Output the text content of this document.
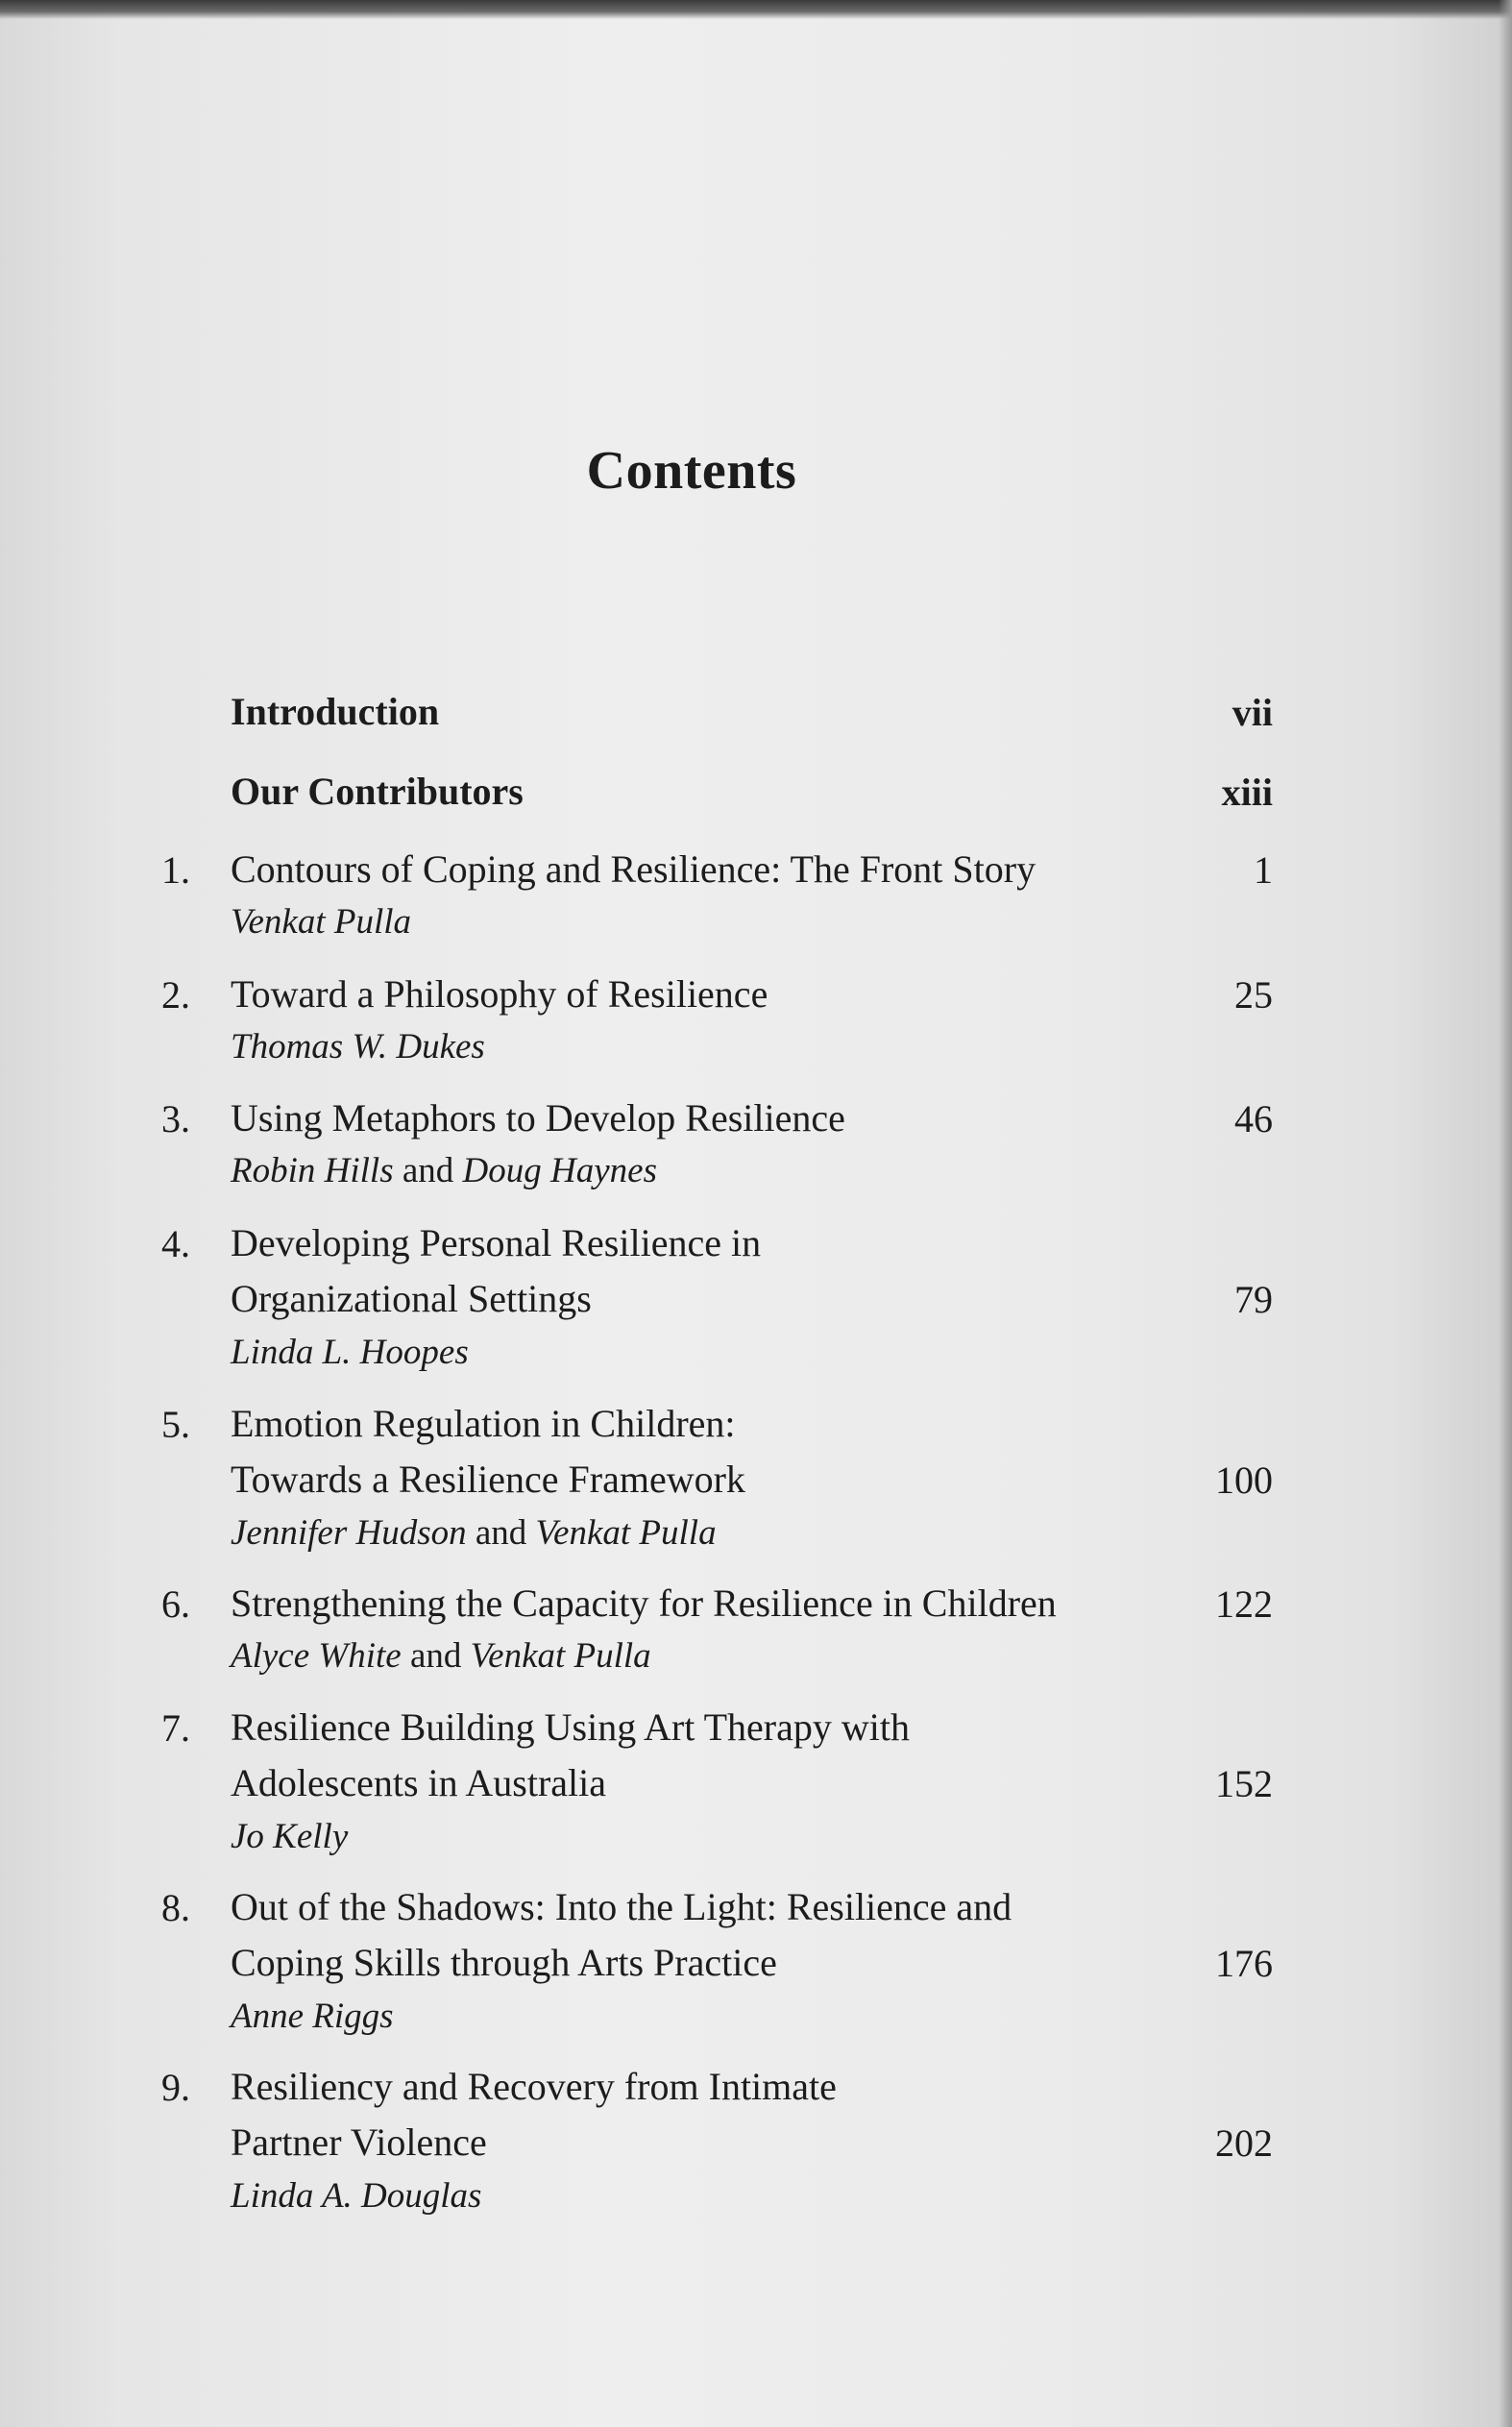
Contents
Introduction	vii
Our Contributors	xiii
1. Contours of Coping and Resilience: The Front Story	1
Venkat Pulla
2. Toward a Philosophy of Resilience	25
Thomas W. Dukes
3. Using Metaphors to Develop Resilience	46
Robin Hills and Doug Haynes
4. Developing Personal Resilience in
Organizational Settings	79
Linda L. Hoopes
5. Emotion Regulation in Children:
Towards a Resilience Framework	100
Jennifer Hudson and Venkat Pulla
6. Strengthening the Capacity for Resilience in Children	122
Alyce White and Venkat Pulla
7. Resilience Building Using Art Therapy with
Adolescents in Australia	152
Jo Kelly
8. Out of the Shadows: Into the Light: Resilience and
Coping Skills through Arts Practice	176
Anne Riggs
9. Resiliency and Recovery from Intimate
Partner Violence	202
Linda A. Douglas
